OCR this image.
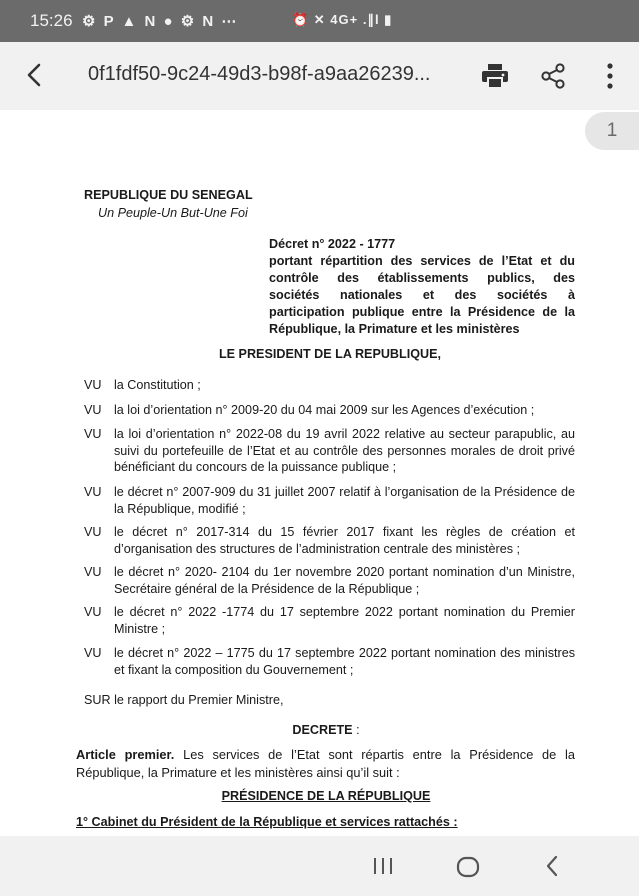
15:26 ⚙ P ▲ N ● ⚙ N ⋯	⏰ ✕ 4G+ .∥l ▮
0f1fdf50-9c24-49d3-b98f-a9aa26239...
1
REPUBLIQUE DU SENEGAL
Un Peuple-Un But-Une Foi
Décret n° 2022 - 1777
portant répartition des services de l’Etat et du
contrôle des établissements publics, des
sociétés nationales et des sociétés à
participation publique entre la Présidence de la
République, la Primature et les ministères
LE PRESIDENT DE LA REPUBLIQUE,
VU la Constitution ;
VU la loi d’orientation n° 2009-20 du 04 mai 2009 sur les Agences d’exécution ;
VU la loi d’orientation n° 2022-08 du 19 avril 2022 relative au secteur parapublic, au suivi du portefeuille de l’Etat et au contrôle des personnes morales de droit privé bénéficiant du concours de la puissance publique ;
VU le décret n° 2007-909 du 31 juillet 2007 relatif à l’organisation de la Présidence de la République, modifié ;
VU le décret n° 2017-314 du 15 février 2017 fixant les règles de création et d’organisation des structures de l’administration centrale des ministères ;
VU le décret n° 2020- 2104 du 1er novembre 2020 portant nomination d’un Ministre, Secrétaire général de la Présidence de la République ;
VU le décret n° 2022 -1774 du 17 septembre 2022 portant nomination du Premier Ministre ;
VU le décret n° 2022 – 1775 du 17 septembre 2022 portant nomination des ministres et fixant la composition du Gouvernement ;
SUR le rapport du Premier Ministre,
DECRETE :
Article premier. Les services de l’Etat sont répartis entre la Présidence de la République, la Primature et les ministères ainsi qu’il suit :
PRÉSIDENCE DE LA RÉPUBLIQUE
1° Cabinet du Président de la République et services rattachés :
